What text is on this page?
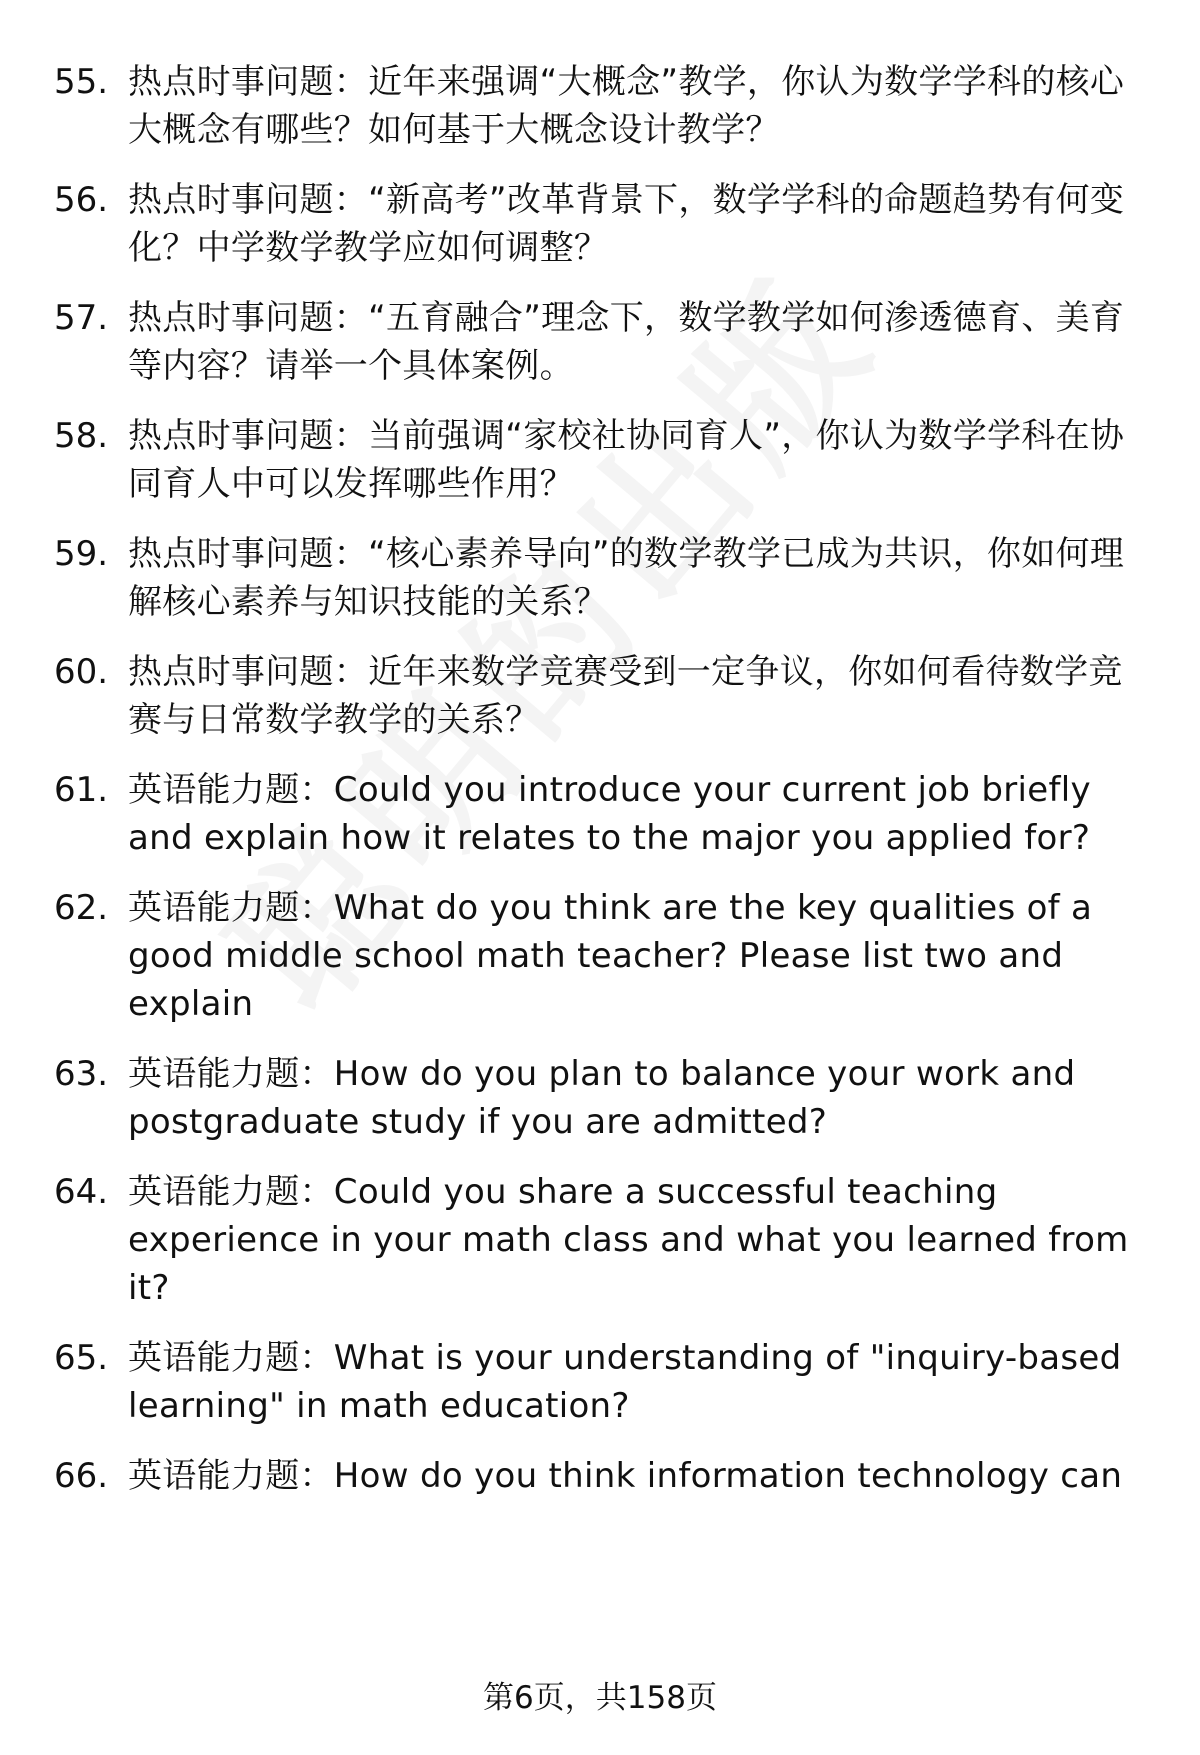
55. 热点时事问题：近年来强调“大概念”教学，你认为数学学科的核心大概念有哪些？如何基于大概念设计教学？
56. 热点时事问题：“新高考”改革背景下，数学学科的命题趋势有何变化？中学数学教学应如何调整？
57. 热点时事问题：“五育融合”理念下，数学教学如何渗透德育、美育等内容？请举一个具体案例。
58. 热点时事问题：当前强调“家校社协同育人”，你认为数学学科在协同育人中可以发挥哪些作用？
59. 热点时事问题：“核心素养导向”的数学教学已成为共识，你如何理解核心素养与知识技能的关系？
60. 热点时事问题：近年来数学竞赛受到一定争议，你如何看待数学竞赛与日常数学教学的关系？
61. 英语能力题：Could you introduce your current job briefly and explain how it relates to the major you applied for?
62. 英语能力题：What do you think are the key qualities of a good middle school math teacher? Please list two and explain
63. 英语能力题：How do you plan to balance your work and postgraduate study if you are admitted?
64. 英语能力题：Could you share a successful teaching experience in your math class and what you learned from it?
65. 英语能力题：What is your understanding of "inquiry-based learning" in math education?
66. 英语能力题：How do you think information technology can
第6页，共158页
